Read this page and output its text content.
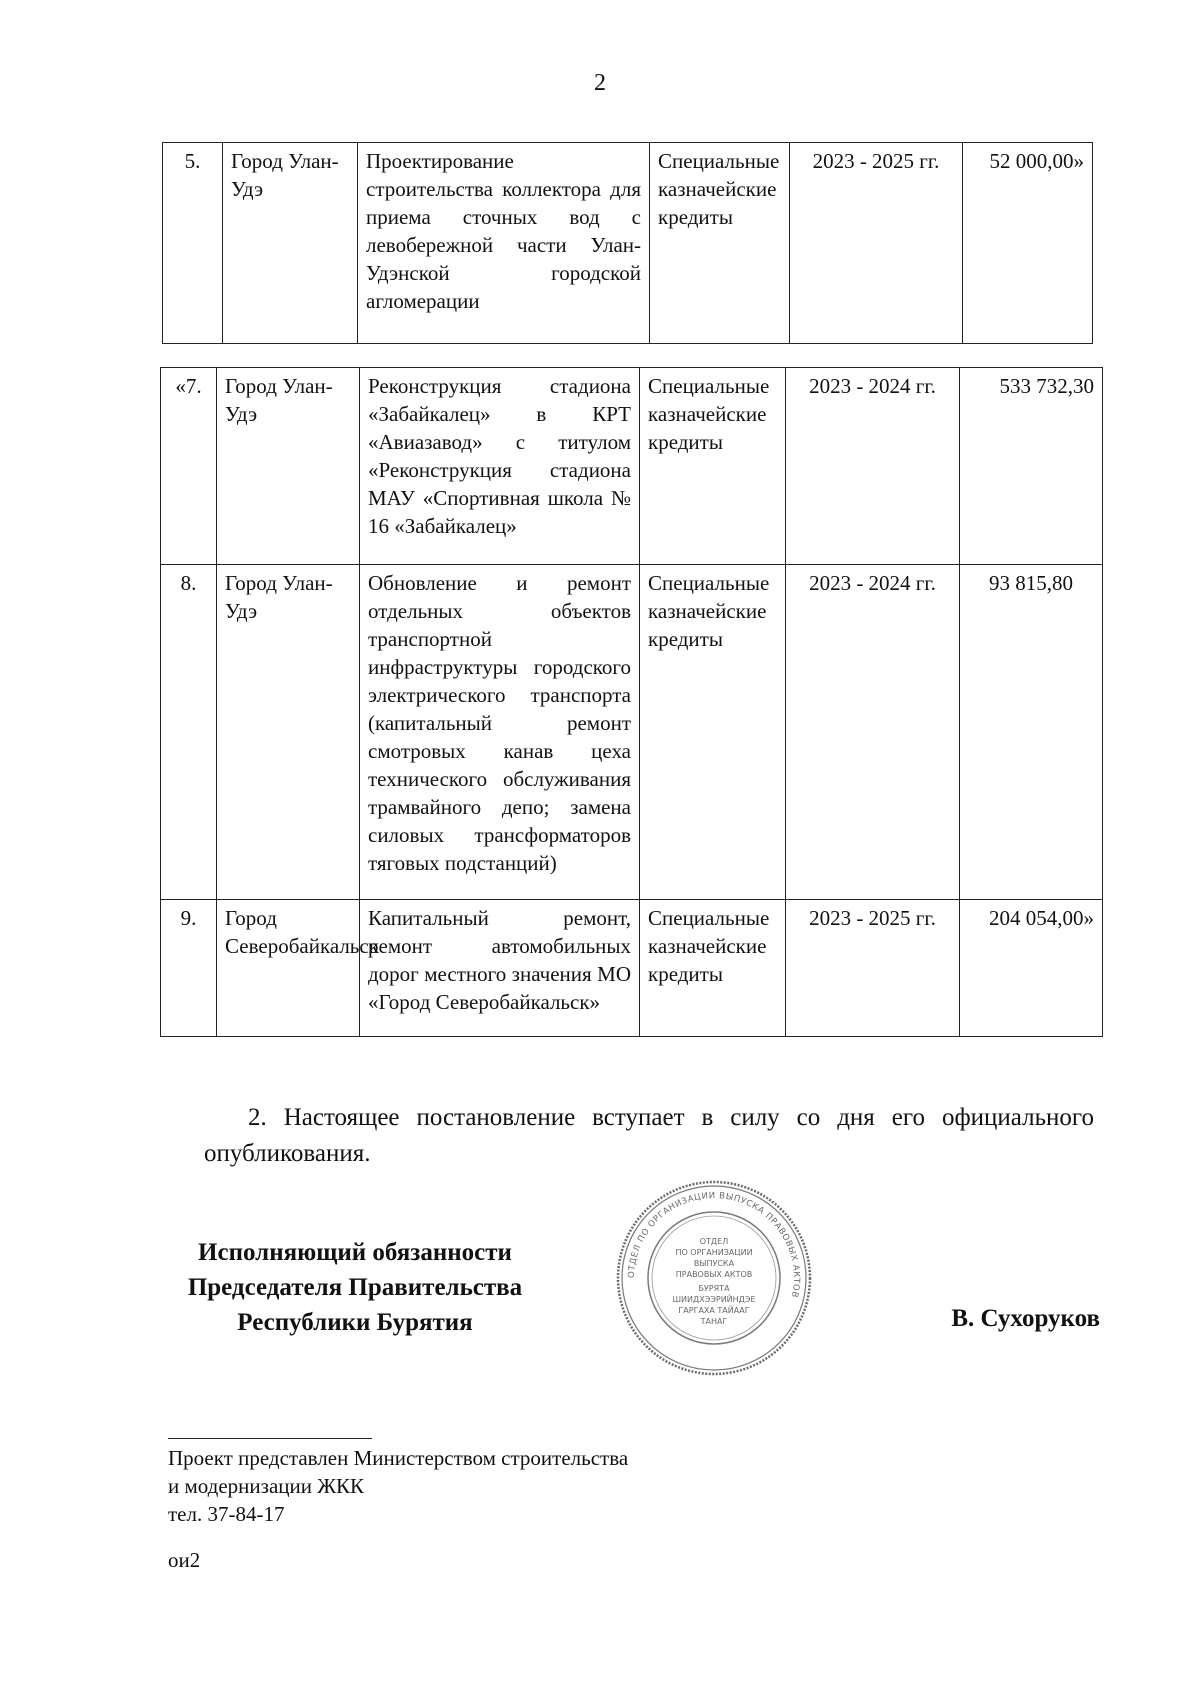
2
5.	Город Улан-Удэ	Проектирование строительства коллектора для приема сточных вод с левобережной части Улан-Удэнской городской агломерации	Специальные казначейские кредиты	2023 - 2025 гг.	52 000,00»
«7.	Город Улан-Удэ	Реконструкция стадиона «Забайкалец» в КРТ «Авиазавод» с титулом «Реконструкция стадиона МАУ «Спортивная школа № 16 «Забайкалец»	Специальные казначейские кредиты	2023 - 2024 гг.	533 732,30
8.	Город Улан-Удэ	Обновление и ремонт отдельных объектов транспортной инфраструктуры городского электрического транспорта (капитальный ремонт смотровых канав цеха технического обслуживания трамвайного депо; замена силовых трансформаторов тяговых подстанций)	Специальные казначейские кредиты	2023 - 2024 гг.	93 815,80
9.	Город Северобайкальск	Капитальный ремонт, ремонт автомобильных дорог местного значения МО «Город Северобайкальск»	Специальные казначейские кредиты	2023 - 2025 гг.	204 054,00»
2. Настоящее постановление вступает в силу со дня его официального опубликования.
Исполняющий обязанности
Председателя Правительства
Республики Бурятия
ОТДЕЛ ПО ОРГАНИЗАЦИИ ВЫПУСКА ПРАВОВЫХ АКТОВ
ОТДЕЛ
ПО ОРГАНИЗАЦИИ
ВЫПУСКА
ПРАВОВЫХ АКТОВ
БУРЯТА
ШИИДХЭЭРИЙНДЭЕ
ГАРГАХА ТАЙААГ
ТАНАГ	В. Сухоруков
Проект представлен Министерством строительства
и модернизации ЖКК
тел. 37-84-17
ои2
